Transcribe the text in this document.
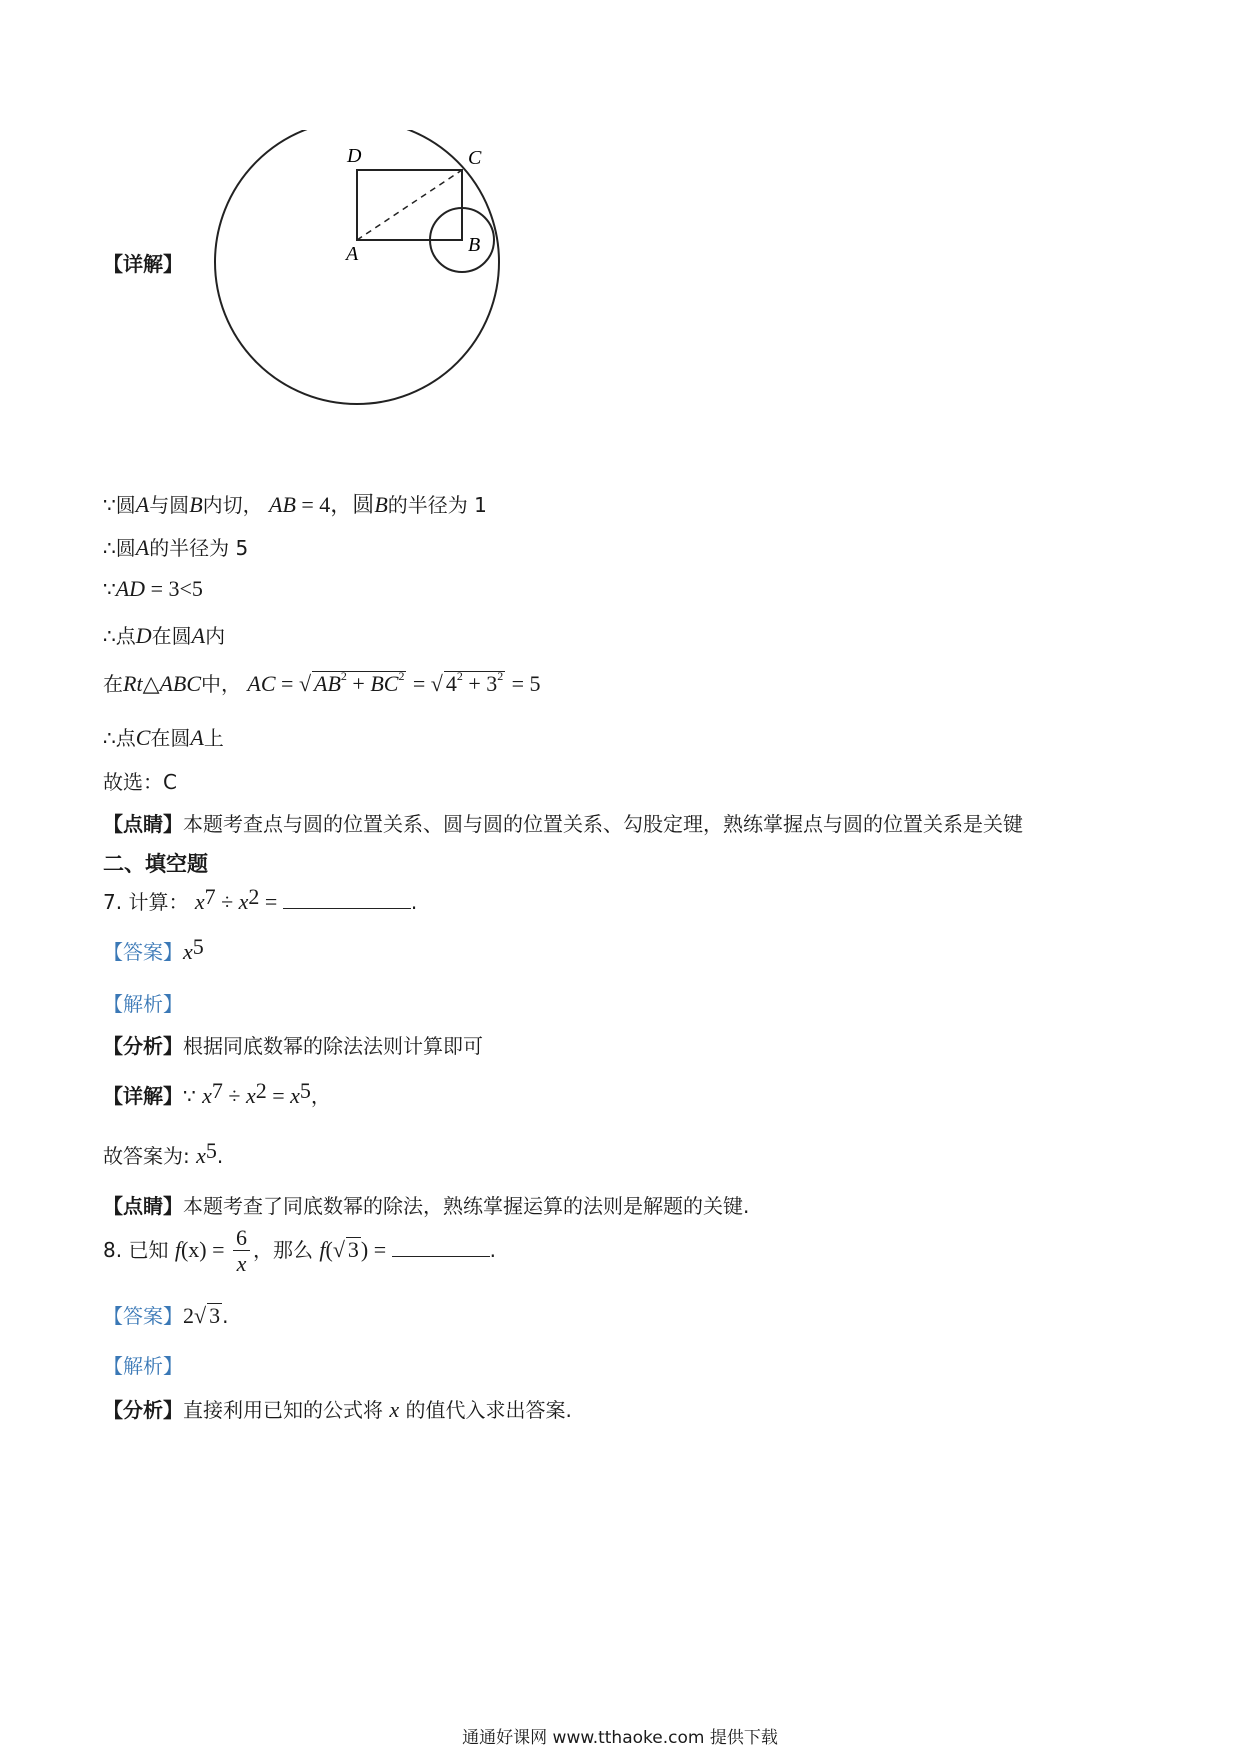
【详解】
D	C
A	B
∵圆A与圆B内切， AB = 4，圆B的半径为 1
∴圆A的半径为 5
∵AD = 3<5
∴点D在圆A内
在Rt△ABC中， AC = √ $AB^2 + BC^2$ = √ $4^2 + 3^2 = 5$
∴点C在圆A上
故选：C
【点睛】本题考查点与圆的位置关系、圆与圆的位置关系、勾股定理，熟练掌握点与圆的位置关系是关键
二、填空题
7. 计算： $x^7 \div x^2$ =	.
【答案】$x^5$
【解析】
【分析】根据同底数幂的除法法则计算即可
【详解】∵ $x^7 \div x^2 = x^5$，
故答案为: $x^5$.
【点睛】本题考查了同底数幂的除法，熟练掌握运算的法则是解题的关键.
8. 已知 $f(x) = \frac{6}{x}$ ，那么 f(√ 3) =	.
【答案】2√ 3 .
【解析】
【分析】直接利用已知的公式将 x 的值代入求出答案.
通通好课网 www.tthaoke.com 提供下载
